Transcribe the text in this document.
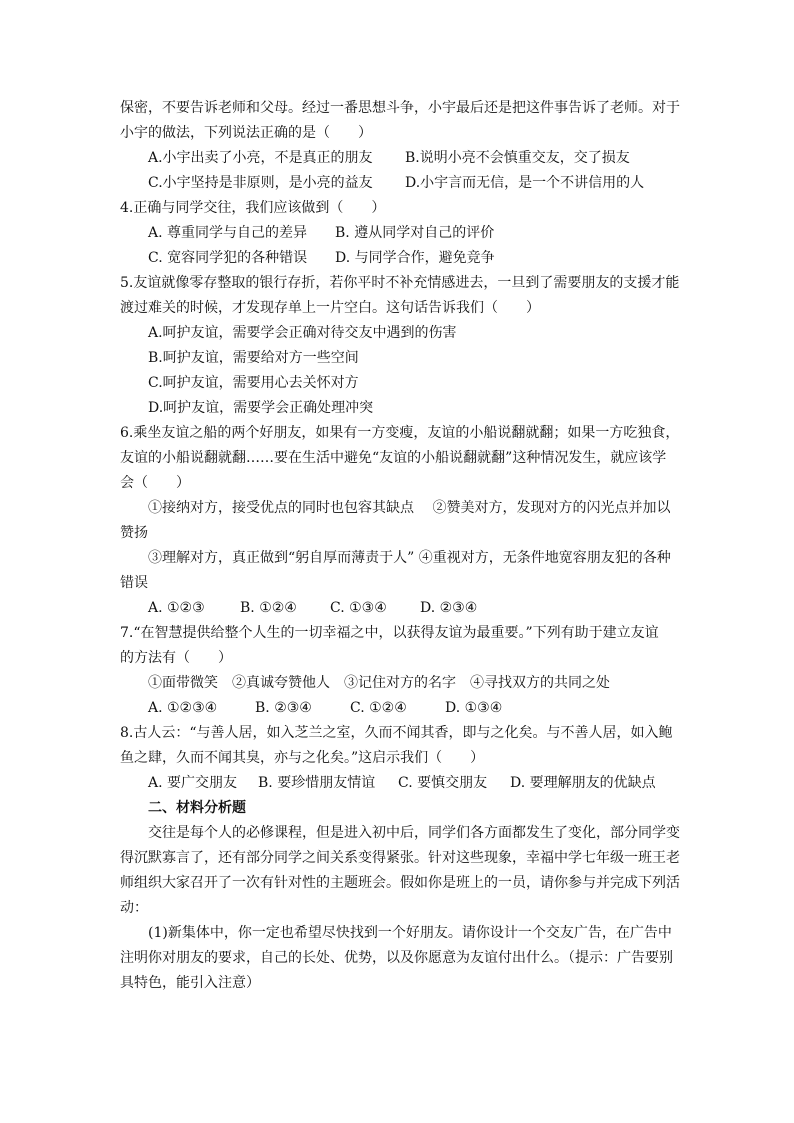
保密，不要告诉老师和父母。经过一番思想斗争，小宇最后还是把这件事告诉了老师。对于
小宇的做法，下列说法正确的是（　　）
A.小宇出卖了小亮，不是真正的朋友 B.说明小亮不会慎重交友，交了损友
C.小宇坚持是非原则，是小亮的益友 D.小宇言而无信，是一个不讲信用的人
4.正确与同学交往，我们应该做到（　　）
A. 尊重同学与自己的差异 B. 遵从同学对自己的评价
C. 宽容同学犯的各种错误 D. 与同学合作，避免竞争
5.友谊就像零存整取的银行存折，若你平时不补充情感进去，一旦到了需要朋友的支援才能
渡过难关的时候，才发现存单上一片空白。这句话告诉我们（　　）
A.呵护友谊，需要学会正确对待交友中遇到的伤害
B.呵护友谊，需要给对方一些空间
C.呵护友谊，需要用心去关怀对方
D.呵护友谊，需要学会正确处理冲突
6.乘坐友谊之船的两个好朋友，如果有一方变瘦，友谊的小船说翻就翻；如果一方吃独食，
友谊的小船说翻就翻……要在生活中避免“友谊的小船说翻就翻”这种情况发生，就应该学
会（　　）
①接纳对方，接受优点的同时也包容其缺点　 ②赞美对方，发现对方的闪光点并加以
赞扬
③理解对方，真正做到“躬自厚而薄责于人” ④重视对方，无条件地宽容朋友犯的各种
错误
A. ①②③	B. ①②④ C. ①③④ D. ②③④
7.“在智慧提供给整个人生的一切幸福之中，以获得友谊为最重要。”下列有助于建立友谊
的方法有（　　）
①面带微笑　②真诚夸赞他人　③记住对方的名字　④寻找双方的共同之处
A. ①②③④	B. ②③④	C. ①②④	D. ①③④
8.古人云：“与善人居，如入芝兰之室，久而不闻其香，即与之化矣。与不善人居，如入鲍
鱼之肆，久而不闻其臭，亦与之化矣。”这启示我们（　　）
A. 要广交朋友 B. 要珍惜朋友情谊 C. 要慎交朋友 D. 要理解朋友的优缺点
二、材料分析题
交往是每个人的必修课程，但是进入初中后，同学们各方面都发生了变化，部分同学变
得沉默寡言了，还有部分同学之间关系变得紧张。针对这些现象，幸福中学七年级一班王老
师组织大家召开了一次有针对性的主题班会。假如你是班上的一员，请你参与并完成下列活
动：
(1)新集体中，你一定也希望尽快找到一个好朋友。请你设计一个交友广告，在广告中
注明你对朋友的要求，自己的长处、优势，以及你愿意为友谊付出什么。（提示：广告要别
具特色，能引入注意）
